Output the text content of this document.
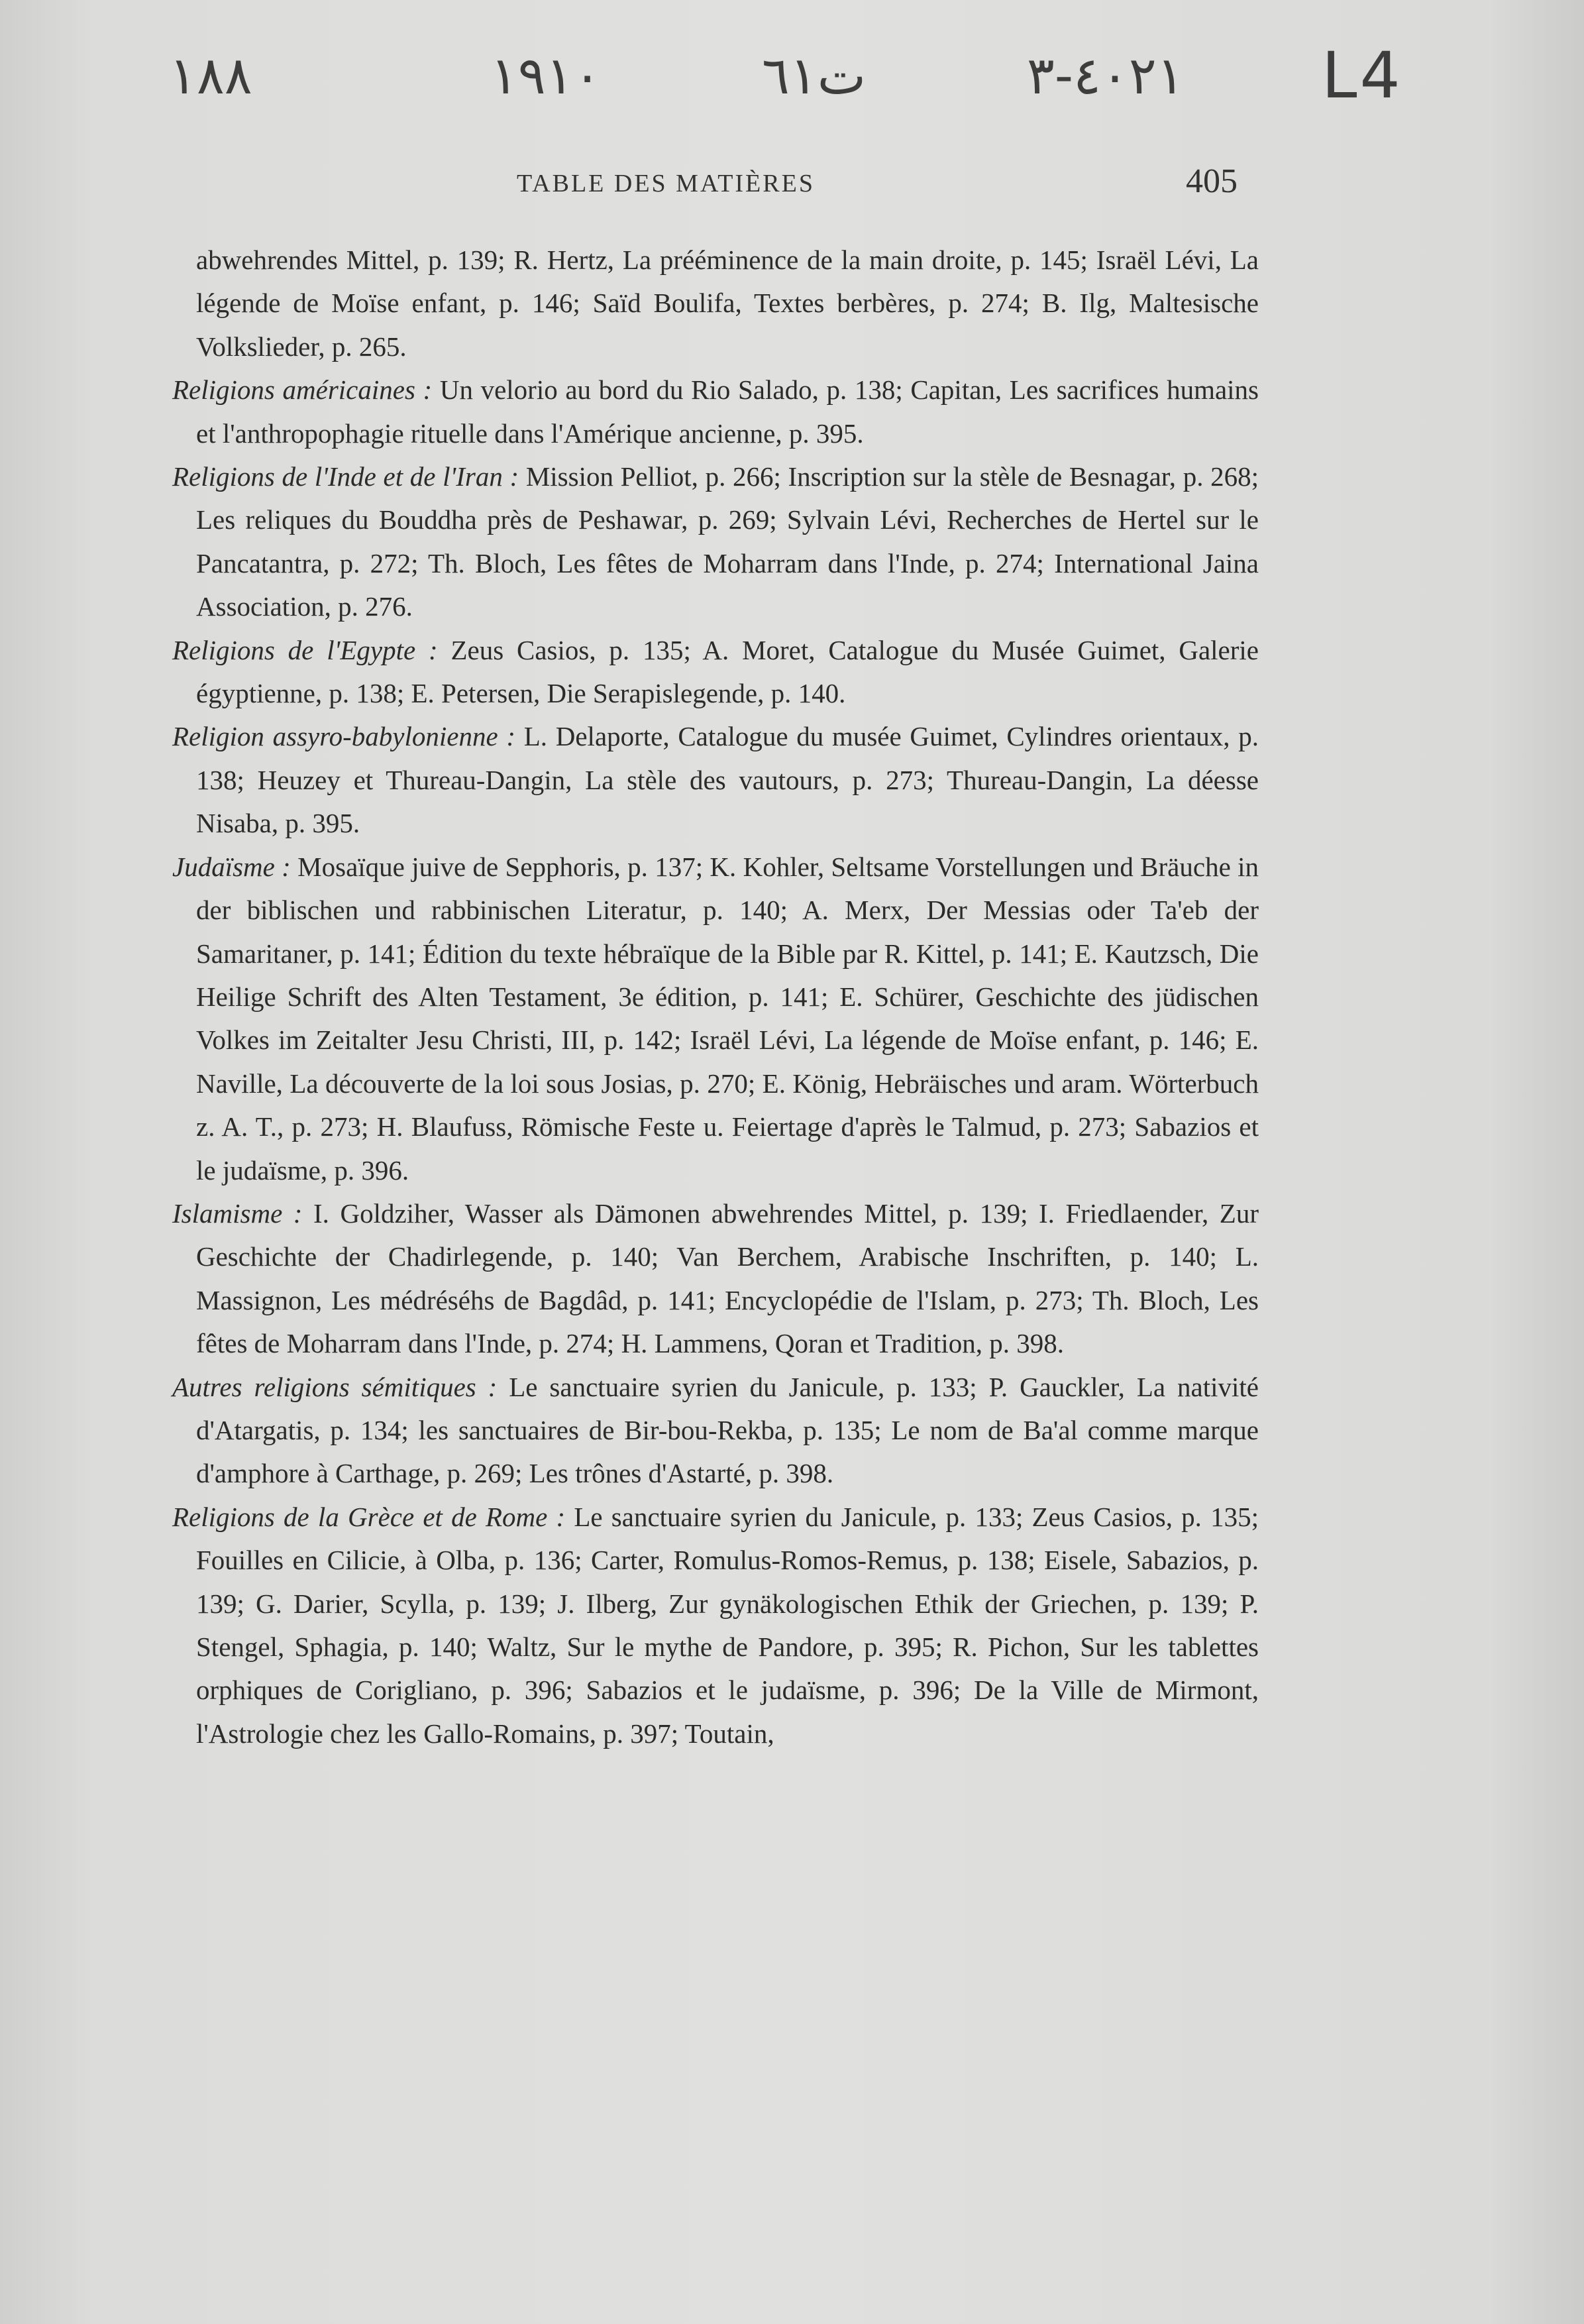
١٨٨	١٩١٠	ت٦١	٤٠٢١-٣ L4
TABLE DES MATIÈRES	405

abwehrendes Mittel, p. 139; R. Hertz, La prééminence de la main droite, p. 145; Israël Lévi, La légende de Moïse enfant, p. 146; Saïd Boulifa, Textes berbères, p. 274; B. Ilg, Maltesische Volkslieder, p. 265.

Religions américaines : Un velorio au bord du Rio Salado, p. 138; Capitan, Les sacrifices humains et l'anthropophagie rituelle dans l'Amérique ancienne, p. 395.

Religions de l'Inde et de l'Iran : Mission Pelliot, p. 266; Inscription sur la stèle de Besnagar, p. 268; Les reliques du Bouddha près de Peshawar, p. 269; Sylvain Lévi, Recherches de Hertel sur le Pancatantra, p. 272; Th. Bloch, Les fêtes de Moharram dans l'Inde, p. 274; International Jaina Association, p. 276.

Religions de l'Egypte : Zeus Casios, p. 135; A. Moret, Catalogue du Musée Guimet, Galerie égyptienne, p. 138; E. Petersen, Die Serapislegende, p. 140.

Religion assyro-babylonienne : L. Delaporte, Catalogue du musée Guimet, Cylindres orientaux, p. 138; Heuzey et Thureau-Dangin, La stèle des vautours, p. 273; Thureau-Dangin, La déesse Nisaba, p. 395.

Judaïsme : Mosaïque juive de Sepphoris, p. 137; K. Kohler, Seltsame Vorstellungen und Bräuche in der biblischen und rabbinischen Literatur, p. 140; A. Merx, Der Messias oder Ta'eb der Samaritaner, p. 141; Édition du texte hébraïque de la Bible par R. Kittel, p. 141; E. Kautzsch, Die Heilige Schrift des Alten Testament, 3e édition, p. 141; E. Schürer, Geschichte des jüdischen Volkes im Zeitalter Jesu Christi, III, p. 142; Israël Lévi, La légende de Moïse enfant, p. 146; E. Naville, La découverte de la loi sous Josias, p. 270; E. König, Hebräisches und aram. Wörterbuch z. A. T., p. 273; H. Blaufuss, Römische Feste u. Feiertage d'après le Talmud, p. 273; Sabazios et le judaïsme, p. 396.

Islamisme : I. Goldziher, Wasser als Dämonen abwehrendes Mittel, p. 139; I. Friedlaender, Zur Geschichte der Chadirlegende, p. 140; Van Berchem, Arabische Inschriften, p. 140; L. Massignon, Les médréséhs de Bagdâd, p. 141; Encyclopédie de l'Islam, p. 273; Th. Bloch, Les fêtes de Moharram dans l'Inde, p. 274; H. Lammens, Qoran et Tradition, p. 398.

Autres religions sémitiques : Le sanctuaire syrien du Janicule, p. 133; P. Gauckler, La nativité d'Atargatis, p. 134; les sanctuaires de Bir-bou-Rekba, p. 135; Le nom de Ba'al comme marque d'amphore à Carthage, p. 269; Les trônes d'Astarté, p. 398.

Religions de la Grèce et de Rome : Le sanctuaire syrien du Janicule, p. 133; Zeus Casios, p. 135; Fouilles en Cilicie, à Olba, p. 136; Carter, Romulus-Romos-Remus, p. 138; Eisele, Sabazios, p. 139; G. Darier, Scylla, p. 139; J. Ilberg, Zur gynäkologischen Ethik der Griechen, p. 139; P. Stengel, Sphagia, p. 140; Waltz, Sur le mythe de Pandore, p. 395; R. Pichon, Sur les tablettes orphiques de Corigliano, p. 396; Sabazios et le judaïsme, p. 396; De la Ville de Mirmont, l'Astrologie chez les Gallo-Romains, p. 397; Toutain,
